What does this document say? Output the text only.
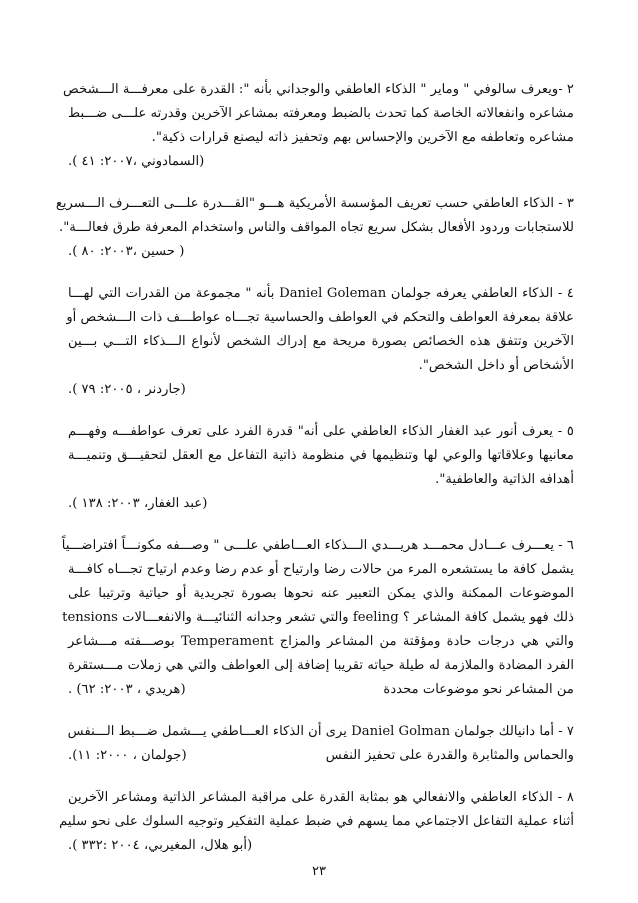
٢ -ويعرف سالوفي " وماير " الذكاء العاطفي والوجداني بأنه ": القدرة على معرفـــة الـــشخص
مشاعره وانفعالاته الخاصة كما تحدث بالضبط ومعرفته بمشاعر الآخرين وقدرته علـــى ضـــبط
مشاعره وتعاطفه مع الآخرين والإحساس بهم وتحفيز ذاته ليصنع قرارات ذكية".
(السمادوني ،٢٠٠٧: ٤١ ).
٣ - الذكاء العاطفي حسب تعريف المؤسسة الأمريكية هـــو "القـــدرة علـــى التعـــرف الـــسريع
للاستجابات وردود الأفعال بشكل سريع تجاه المواقف والناس واستخدام المعرفة طرق فعالـــة".
( حسين ،٢٠٠٣: ٨٠ ).
٤ - الذكاء العاطفي يعرفه جولمان Daniel Goleman بأنه " مجموعة من القدرات التي لهـــا
علاقة بمعرفة العواطف والتحكم في العواطف والحساسية تجـــاه عواطـــف ذات الـــشخص أو
الآخرين وتتفق هذه الخصائص بصورة مريحة مع إدراك الشخص لأنواع الـــذكاء التـــي بـــين
الأشخاص أو داخل الشخص".
(جاردنر ، ٢٠٠٥: ٧٩ ).
٥ - يعرف أنور عبد الغفار الذكاء العاطفي على أنه" قدرة الفرد على تعرف عواطفـــه وفهـــم
معانيها وعلاقاتها والوعي لها وتنظيمها في منظومة ذاتية التفاعل مع العقل لتحقيـــق وتنميـــة
أهدافه الذاتية والعاطفية".
(عبد الغفار، ٢٠٠٣: ١٣٨ ).
٦ - يعـــرف عـــادل محمـــد هريـــدي الـــذكاء العـــاطفي علـــى " وصـــفه مكونـــاً افتراضـــياً
يشمل كافة ما يستشعره المرء من حالات رضا وارتياح أو عدم رضا وعدم ارتياح تجـــاه كافـــة
الموضوعات الممكنة والذي يمكن التعبير عنه نحوها بصورة تجريدية أو حياتية وترتيبا على
ذلك فهو يشمل كافة المشاعر ؟ feeling والتي تشعر وجدانه الثنائيـــة والانفعـــالات tensions
والتي هي درجات حادة ومؤقتة من المشاعر والمزاج Temperament بوصـــفته مـــشاعر
الفرد المضادة والملازمة له طيلة حياته تقريبا إضافة إلى العواطف والتي هي زملات مـــستقرة
من المشاعر نحو موضوعات محددة
(هريدي ، ٢٠٠٣: ٦٢) .
٧ - أما دانيالك جولمان Daniel Golman يرى أن الذكاء العـــاطفي يـــشمل ضـــبط الـــنفس
والحماس والمثابرة والقدرة على تحفيز النفس
(جولمان ، ٢٠٠٠: ١١).
٨ - الذكاء العاطفي والانفعالي هو بمثابة القدرة على مراقبة المشاعر الذاتية ومشاعر الآخرين
أثناء عملية التفاعل الاجتماعي مما يسهم في ضبط عملية التفكير وتوجيه السلوك على نحو سليم
(أبو هلال، المغيربي، ٢٠٠٤ :٣٣٢ ).
٢٣
